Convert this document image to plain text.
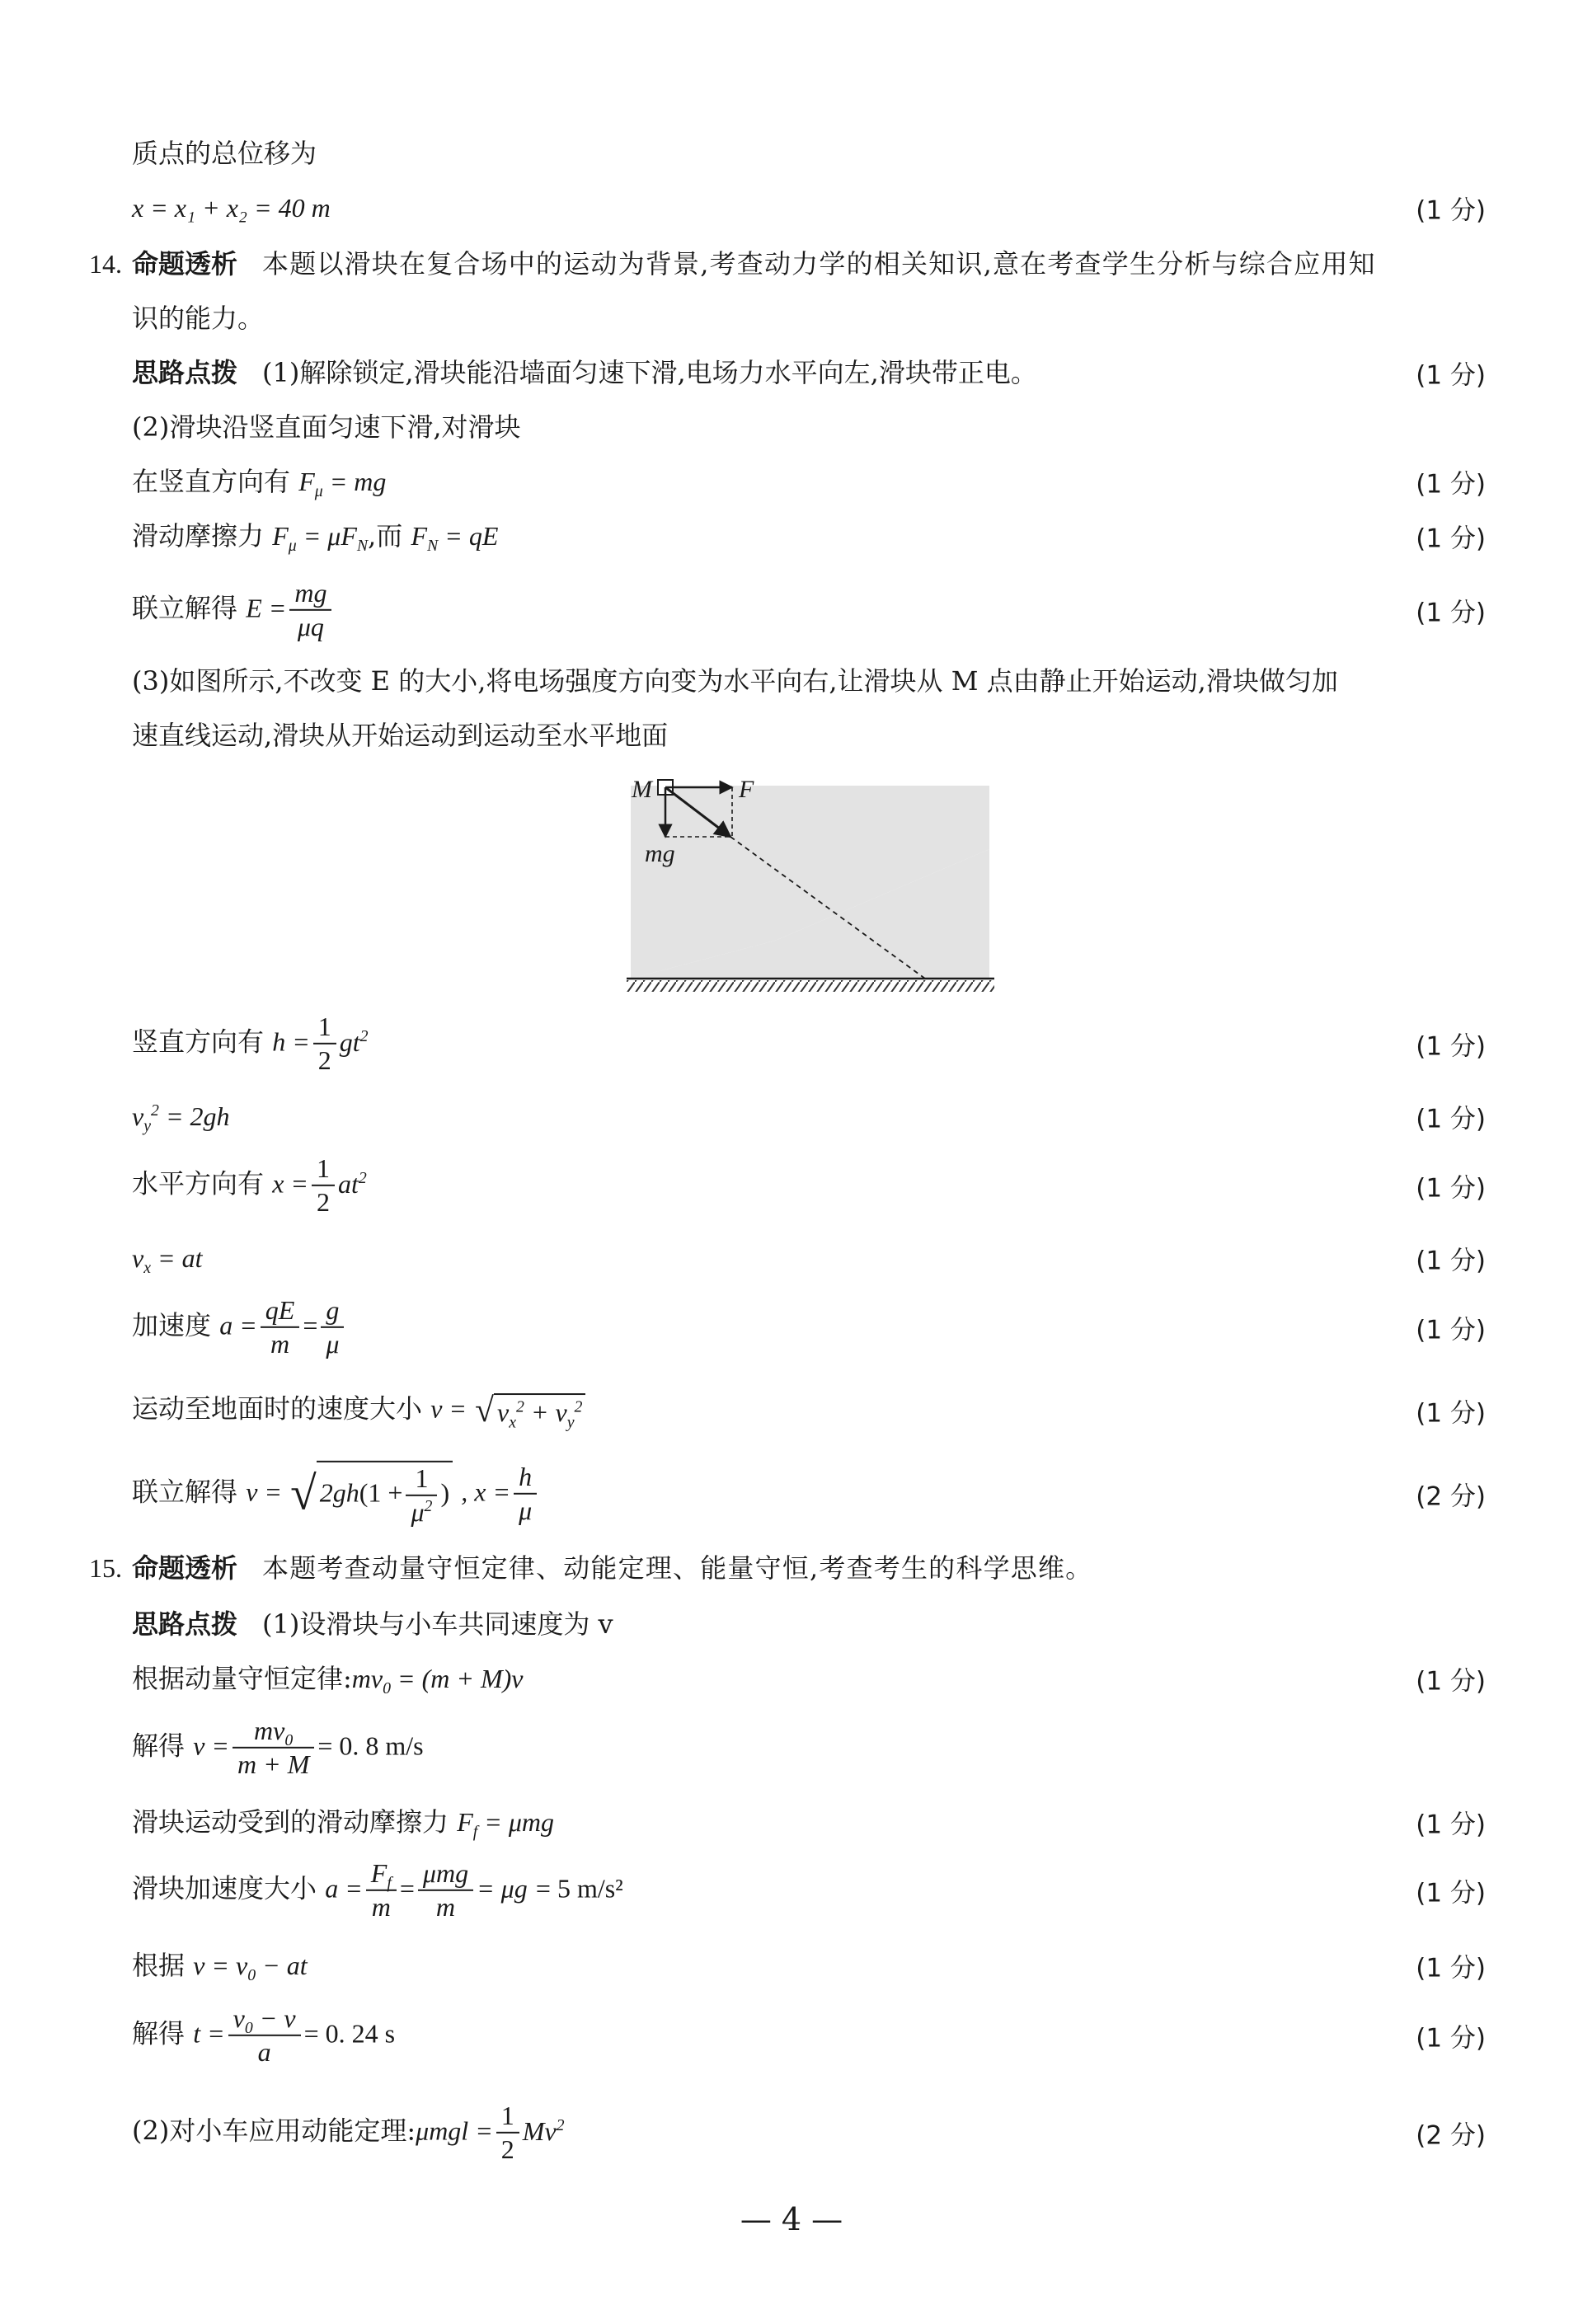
质点的总位移为
x = x₁ + x₂ = 40 m	(1 分)
14. 命题透析 本题以滑块在复合场中的运动为背景,考查动力学的相关知识,意在考查学生分析与综合应用知
识的能力。
思路点拨 (1)解除锁定,滑块能沿墙面匀速下滑,电场力水平向左,滑块带正电。	(1 分)
(2)滑块沿竖直面匀速下滑,对滑块
在竖直方向有 $F_\mu$ = mg	(1 分)
滑动摩擦力 $F_\mu = \mu F_N$,而 $F_N$ = qE	(1 分)
联立解得 $E = \frac{mg}{\mu q}$	(1 分)
(3)如图所示,不改变 E 的大小,将电场强度方向变为水平向右,让滑块从 M 点由静止开始运动,滑块做匀加
速直线运动,滑块从开始运动到运动至水平地面
M	F
mg
竖直方向有 $h = \frac{1}{2} gt^2$	(1 分)
$v_y^2 = 2gh$	(1 分)
水平方向有 $x = \frac{1}{2} at^2$	(1 分)
$v_x$ = at	(1 分)
加速度 $a = \frac{qE}{m} = \frac{g}{\mu}$	(1 分)
运动至地面时的速度大小 v = √ $v_x^2 + v_y^2$	(1 分)
联立解得 v = √ $2gh(1 + \frac{1}{\mu^2}$ ) , $x = \frac{h}{\mu}$	(2 分)
15. 命题透析 本题考查动量守恒定律、动能定理、能量守恒,考查考生的科学思维。
思路点拨 (1)设滑块与小车共同速度为 v
根据动量守恒定律$:mv_0 = (m + M)v$	(1 分)
解得 $v = \frac{mv_0}{m + M} = 0$. 8 m/s
滑块运动受到的滑动摩擦力 $F_f = \mu mg$	(1 分)
滑块加速度大小 $a = \frac{F_f}{m} = \frac{\text{μmg}}{m} = \mu g = 5$ m/s²	(1 分)
根据 $v = v_0$ − at	(1 分)
解得 $t = \frac{v_0 - v}{a} = 0$. 24 s	(1 分)
(2)对小车应用动能定理:μmgl = $\frac{1}{2} Mv^2$	(2 分)
— 4 —
